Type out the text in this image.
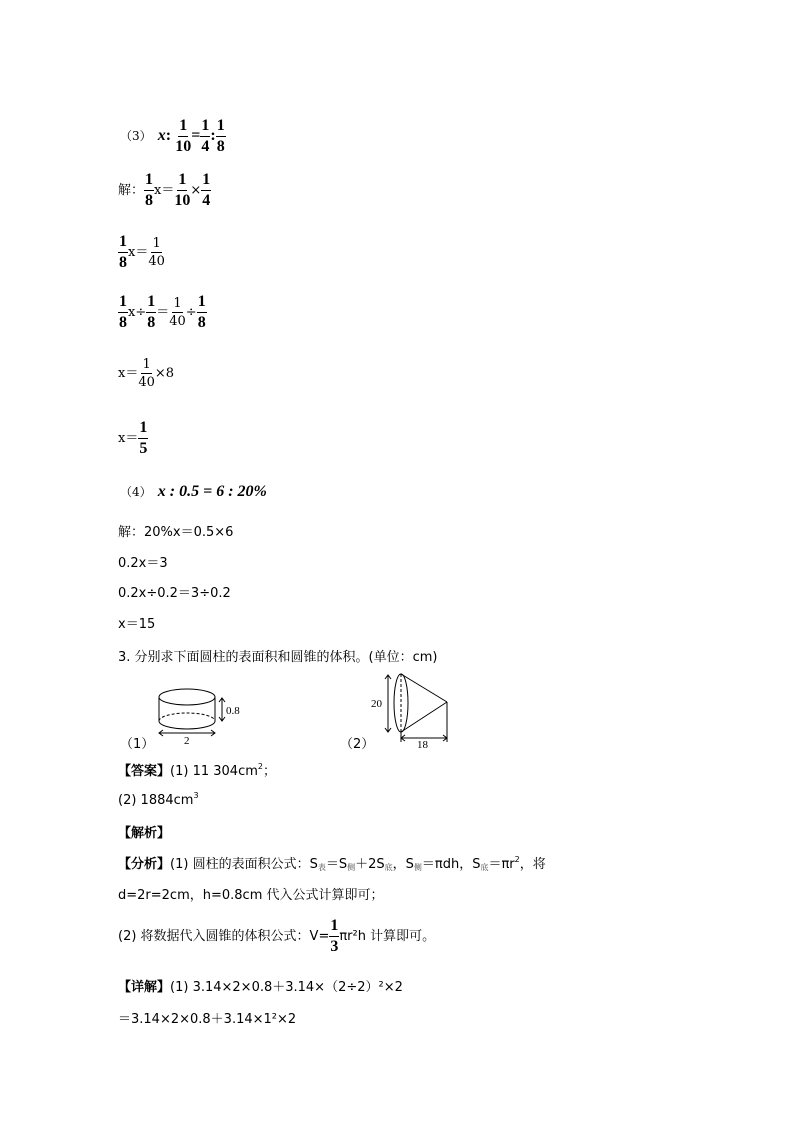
（3） x: $\frac{1}{10} = \frac{1}{4}$ : $\frac{1}{8}$
解： $\frac{1}{8} x= \frac{1}{10} \times \frac{1}{4}$
$\frac{1}{8} x= \frac{1}{40}$
$\frac{1}{8} x\div \frac{1}{8} = \frac{1}{40} \div \frac{1}{8}$
$x= \frac{1}{40} \times 8$
$x= \frac{1}{5}$
（4） x : 0.5 = 6 : 20%
解：20%x＝0.5×6
0.2x＝3
0.2x÷0.2＝3÷0.2
x＝15
3. 分别求下面圆柱的表面积和圆锥的体积。(单位：cm)
（1）
0.8
2	（2）
20
18
【答案】(1) 11 $304cm^2$；
(2) $1884cm^3$
【解析】
【分析】(1) 圆柱的表面积公式：$S_表=S_侧+2S_底$，$S_侧=\pi dh$，$S_底=\pi r^2$，将
d=2r=2cm，h=0.8cm 代入公式计算即可；
(2) 将数据代入圆锥的体积公式：$V= \frac{1}{3} \pi r^2h$ 计算即可。
【详解】(1) 3.14×2×0.8＋3.14×（2÷2）²×2
＝3.14×2×0.8＋3.14×1²×2
